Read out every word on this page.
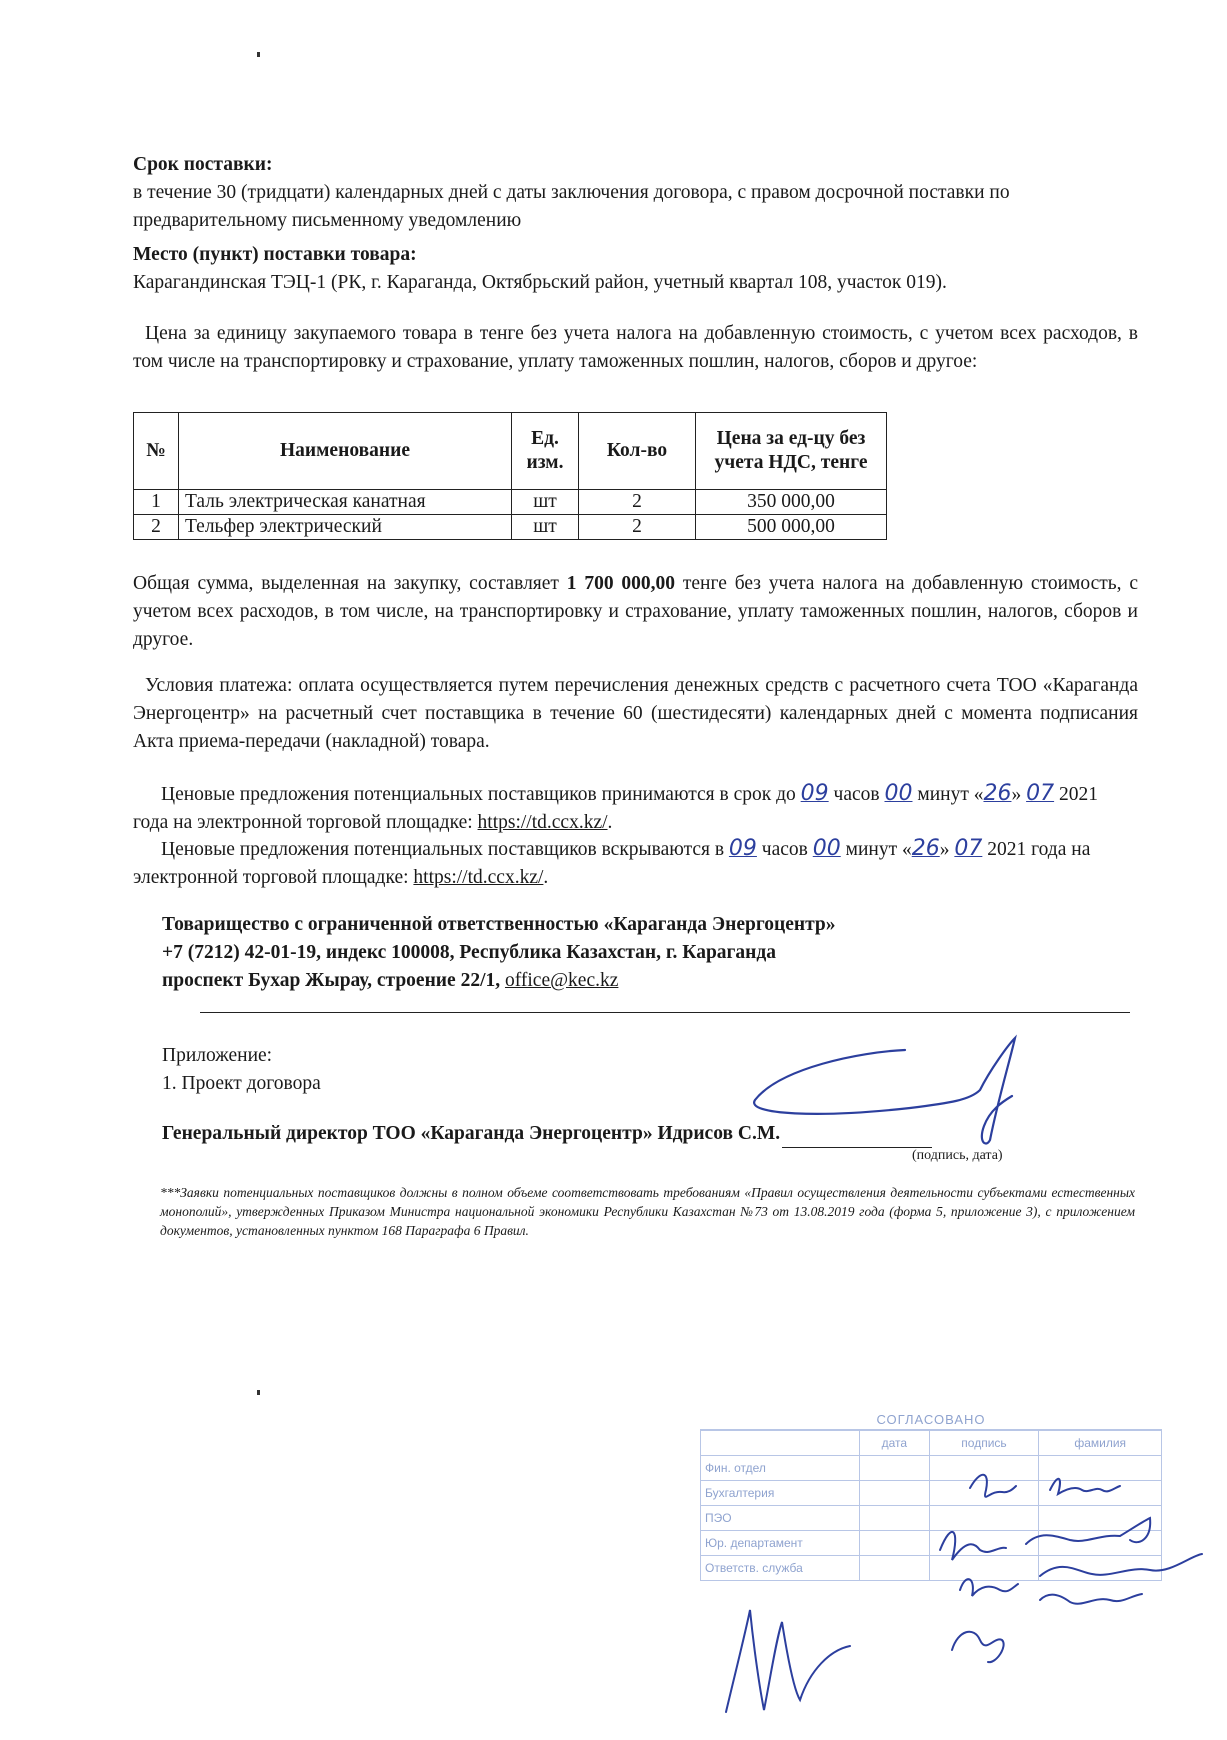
Срок поставки:
в течение 30 (тридцати) календарных дней с даты заключения договора, с правом досрочной поставки по предварительному письменному уведомлению
Место (пункт) поставки товара:
Карагандинская ТЭЦ-1 (РК, г. Караганда, Октябрьский район, учетный квартал 108, участок 019).
Цена за единицу закупаемого товара в тенге без учета налога на добавленную стоимость, с учетом всех расходов, в том числе на транспортировку и страхование, уплату таможенных пошлин, налогов, сборов и другое:
№	Наименование	Ед. изм.	Кол-во	Цена за ед-цу без учета НДС, тенге
1	Таль электрическая канатная	шт	2	350 000,00
2	Тельфер электрический	шт	2	500 000,00
Общая сумма, выделенная на закупку, составляет 1 700 000,00 тенге без учета налога на добавленную стоимость, с учетом всех расходов, в том числе, на транспортировку и страхование, уплату таможенных пошлин, налогов, сборов и другое.
Условия платежа: оплата осуществляется путем перечисления денежных средств с расчетного счета ТОО «Караганда Энергоцентр» на расчетный счет поставщика в течение 60 (шестидесяти) календарных дней с момента подписания Акта приема-передачи (накладной) товара.
Ценовые предложения потенциальных поставщиков принимаются в срок до 09 часов 00 минут «26» 07 2021 года на электронной торговой площадке: https://td.ccx.kz/.
Ценовые предложения потенциальных поставщиков вскрываются в 09 часов 00 минут «26» 07 2021 года на электронной торговой площадке: https://td.ccx.kz/.
Товарищество с ограниченной ответственностью «Караганда Энергоцентр»
+7 (7212) 42-01-19, индекс 100008, Республика Казахстан, г. Караганда
проспект Бухар Жырау, строение 22/1, office@kec.kz
Приложение:
1. Проект договора
Генеральный директор ТОО «Караганда Энергоцентр» Идрисов С.М.
(подпись, дата)
***Заявки потенциальных поставщиков должны в полном объеме соответствовать требованиям «Правил осуществления деятельности субъектами естественных монополий», утвержденных Приказом Министра национальной экономики Республики Казахстан №73 от 13.08.2019 года (форма 5, приложение 3), с приложением документов, установленных пунктом 168 Параграфа 6 Правил.
СОГЛАСОВАНО
	дата	подпись	фамилия
Фин. отдел			
Бухгалтерия			
ПЭО			
Юр. департамент			
Ответств. служба			
